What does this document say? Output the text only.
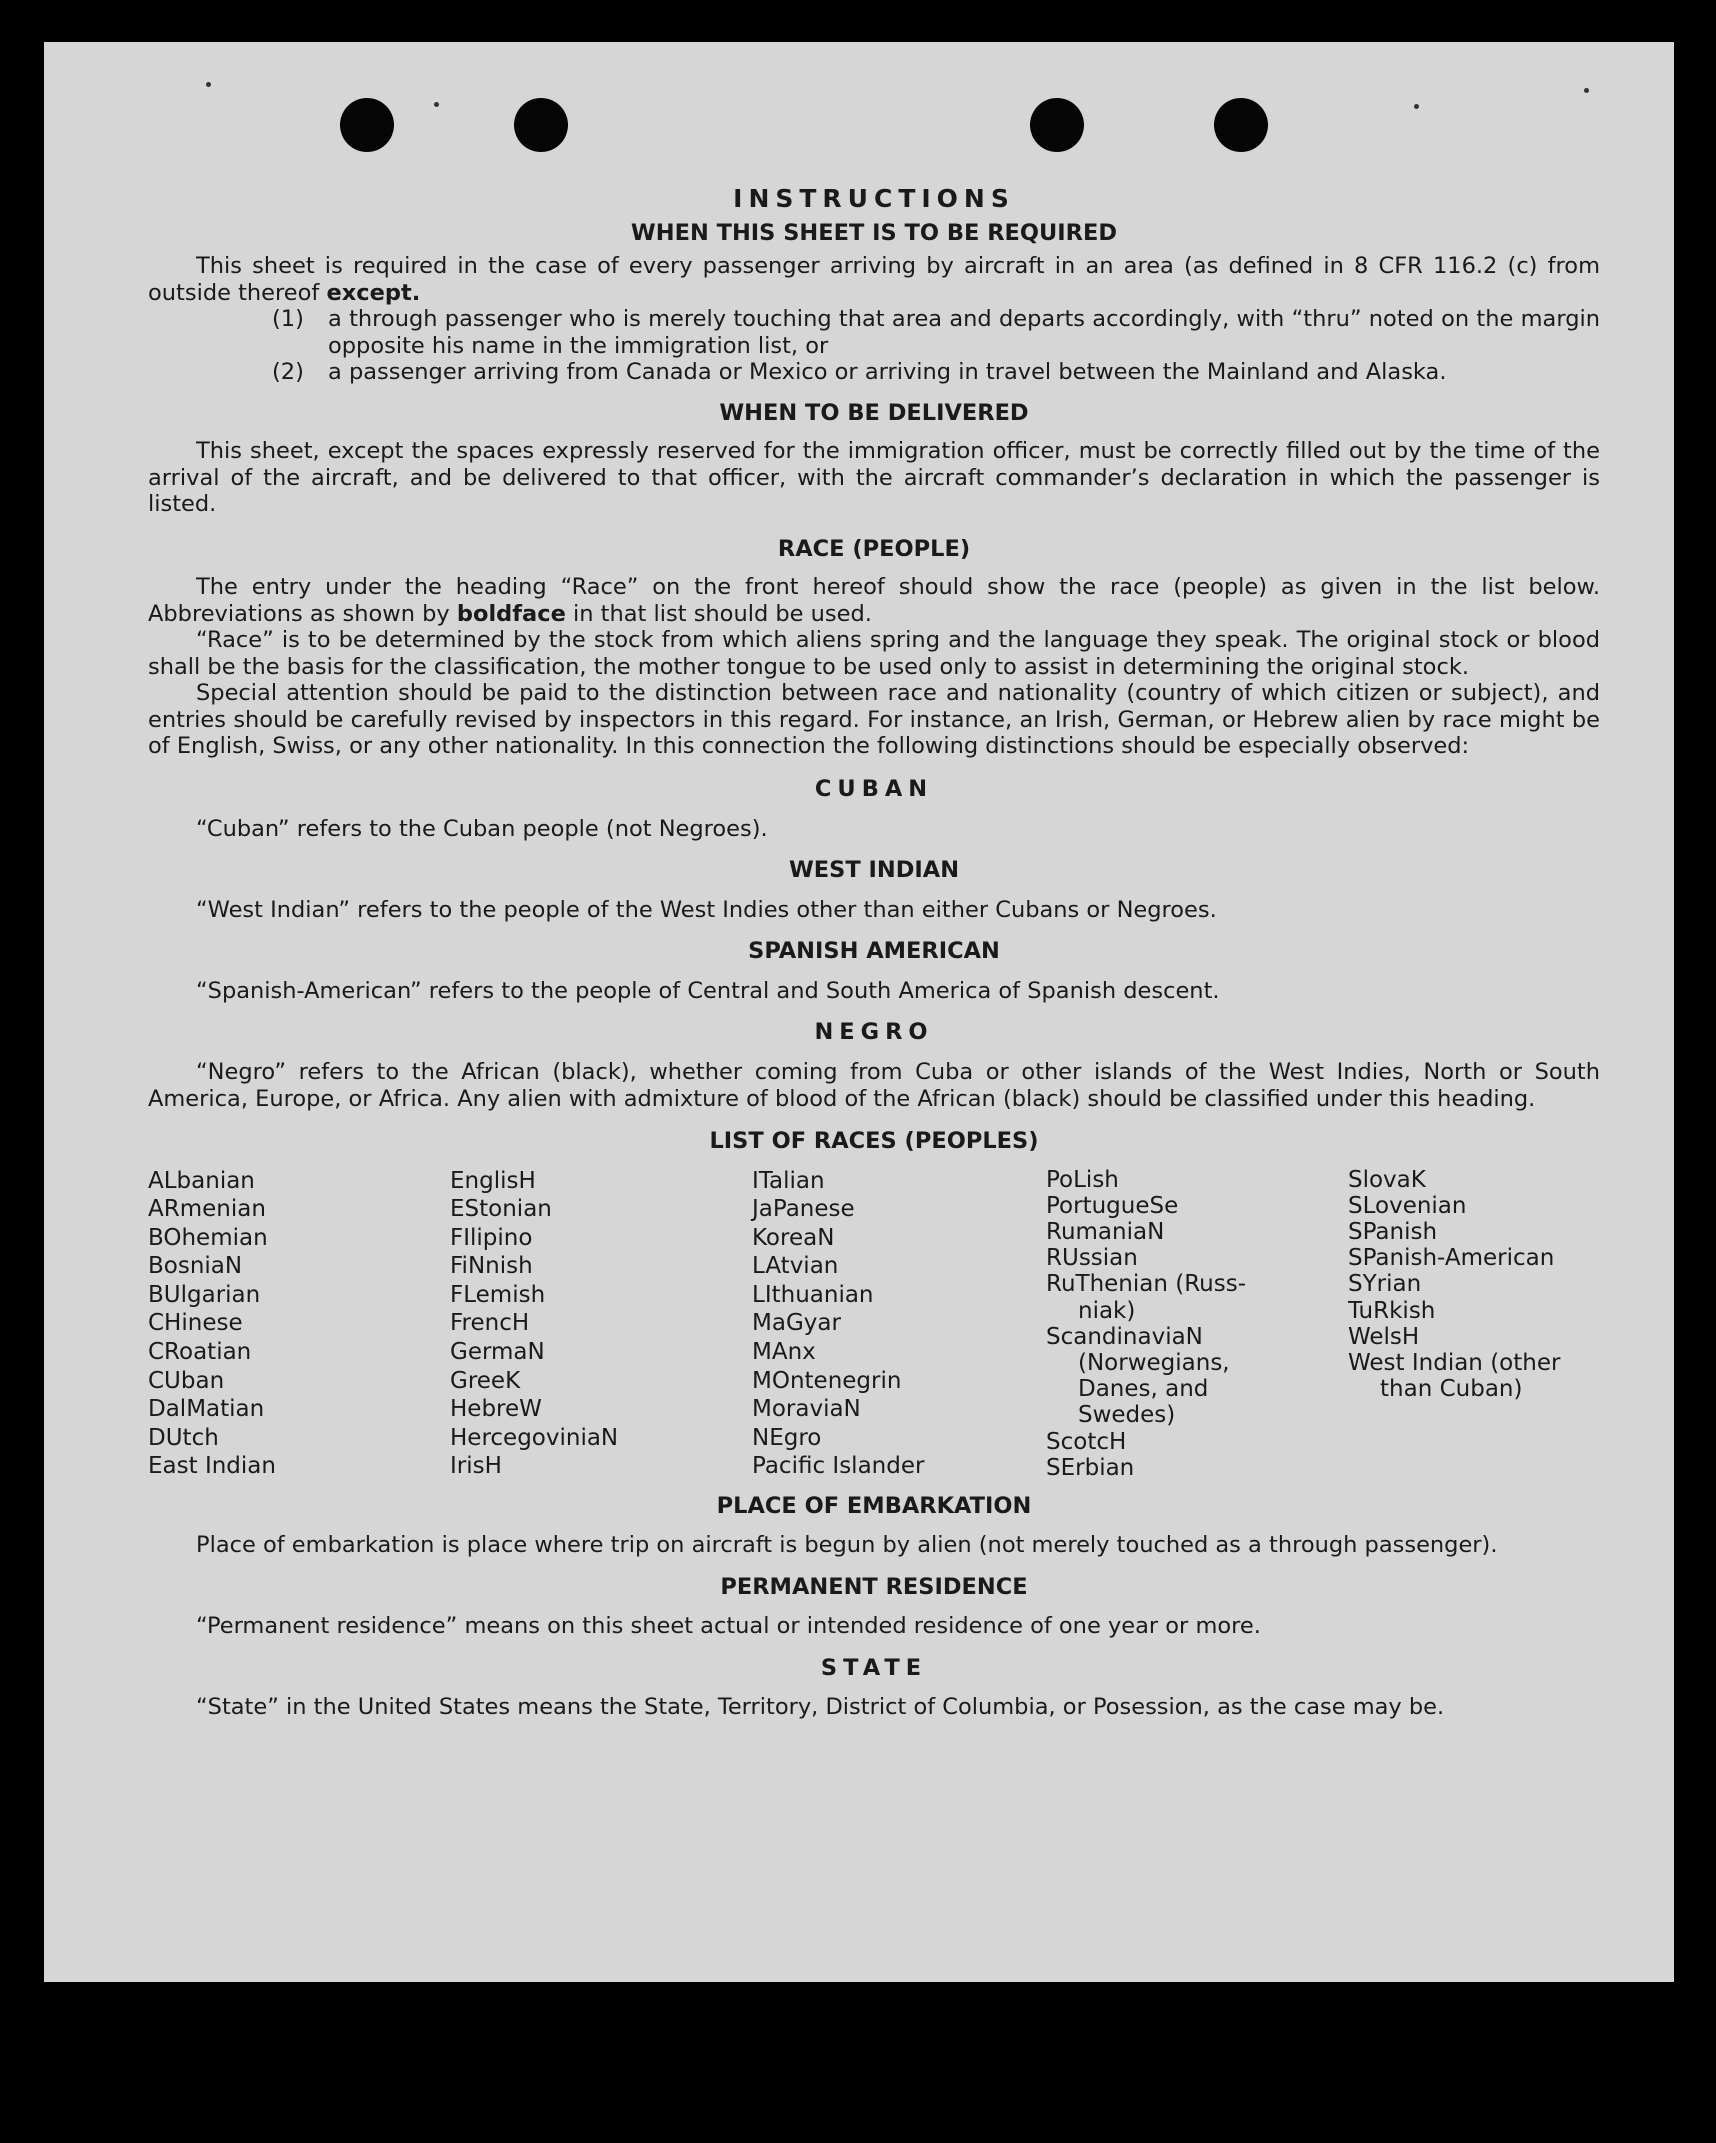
INSTRUCTIONS
WHEN THIS SHEET IS TO BE REQUIRED

This sheet is required in the case of every passenger arriving by aircraft in an area (as defined in 8 CFR 116.2 (c) from outside thereof except.

(1)	a through passenger who is merely touching that area and departs accordingly, with “thru” noted on the margin opposite his name in the immigration list, or
(2)	a passenger arriving from Canada or Mexico or arriving in travel between the Mainland and Alaska.
WHEN TO BE DELIVERED

This sheet, except the spaces expressly reserved for the immigration officer, must be correctly filled out by the time of the arrival of the aircraft, and be delivered to that officer, with the aircraft commander’s declaration in which the passenger is listed.

RACE (PEOPLE)

The entry under the heading “Race” on the front hereof should show the race (people) as given in the list below. Abbreviations as shown by boldface in that list should be used.

“Race” is to be determined by the stock from which aliens spring and the language they speak. The original stock or blood shall be the basis for the classification, the mother tongue to be used only to assist in determining the original stock.

Special attention should be paid to the distinction between race and nationality (country of which citizen or subject), and entries should be carefully revised by inspectors in this regard. For instance, an Irish, German, or Hebrew alien by race might be of English, Swiss, or any other nationality. In this connection the following distinctions should be especially observed:

CUBAN

“Cuban” refers to the Cuban people (not Negroes).

WEST INDIAN

“West Indian” refers to the people of the West Indies other than either Cubans or Negroes.

SPANISH AMERICAN

“Spanish-American” refers to the people of Central and South America of Spanish descent.

NEGRO

“Negro” refers to the African (black), whether coming from Cuba or other islands of the West Indies, North or South America, Europe, or Africa. Any alien with admixture of blood of the African (black) should be classified under this heading.

LIST OF RACES (PEOPLES)
ALbanian
ARmenian
BOhemian
BosniaN
BUlgarian
CHinese
CRoatian
CUban
DalMatian
DUtch
East Indian
EnglisH
EStonian
FIlipino
FiNnish
FLemish
FrencH
GermaN
GreeK
HebreW
HercegoviniaN
IrisH
ITalian
JaPanese
KoreaN
LAtvian
LIthuanian
MaGyar
MAnx
MOntenegrin
MoraviaN
NEgro
Pacific Islander
PoLish
PortugueSe
RumaniaN
RUssian
RuThenian (Russ-
niak)
ScandinaviaN
(Norwegians,
Danes, and
Swedes)
ScotcH
SErbian
SlovaK
SLovenian
SPanish
SPanish-American
SYrian
TuRkish
WelsH
West Indian (other
than Cuban)
PLACE OF EMBARKATION

Place of embarkation is place where trip on aircraft is begun by alien (not merely touched as a through passenger).

PERMANENT RESIDENCE

“Permanent residence” means on this sheet actual or intended residence of one year or more.

STATE

“State” in the United States means the State, Territory, District of Columbia, or Posession, as the case may be.
